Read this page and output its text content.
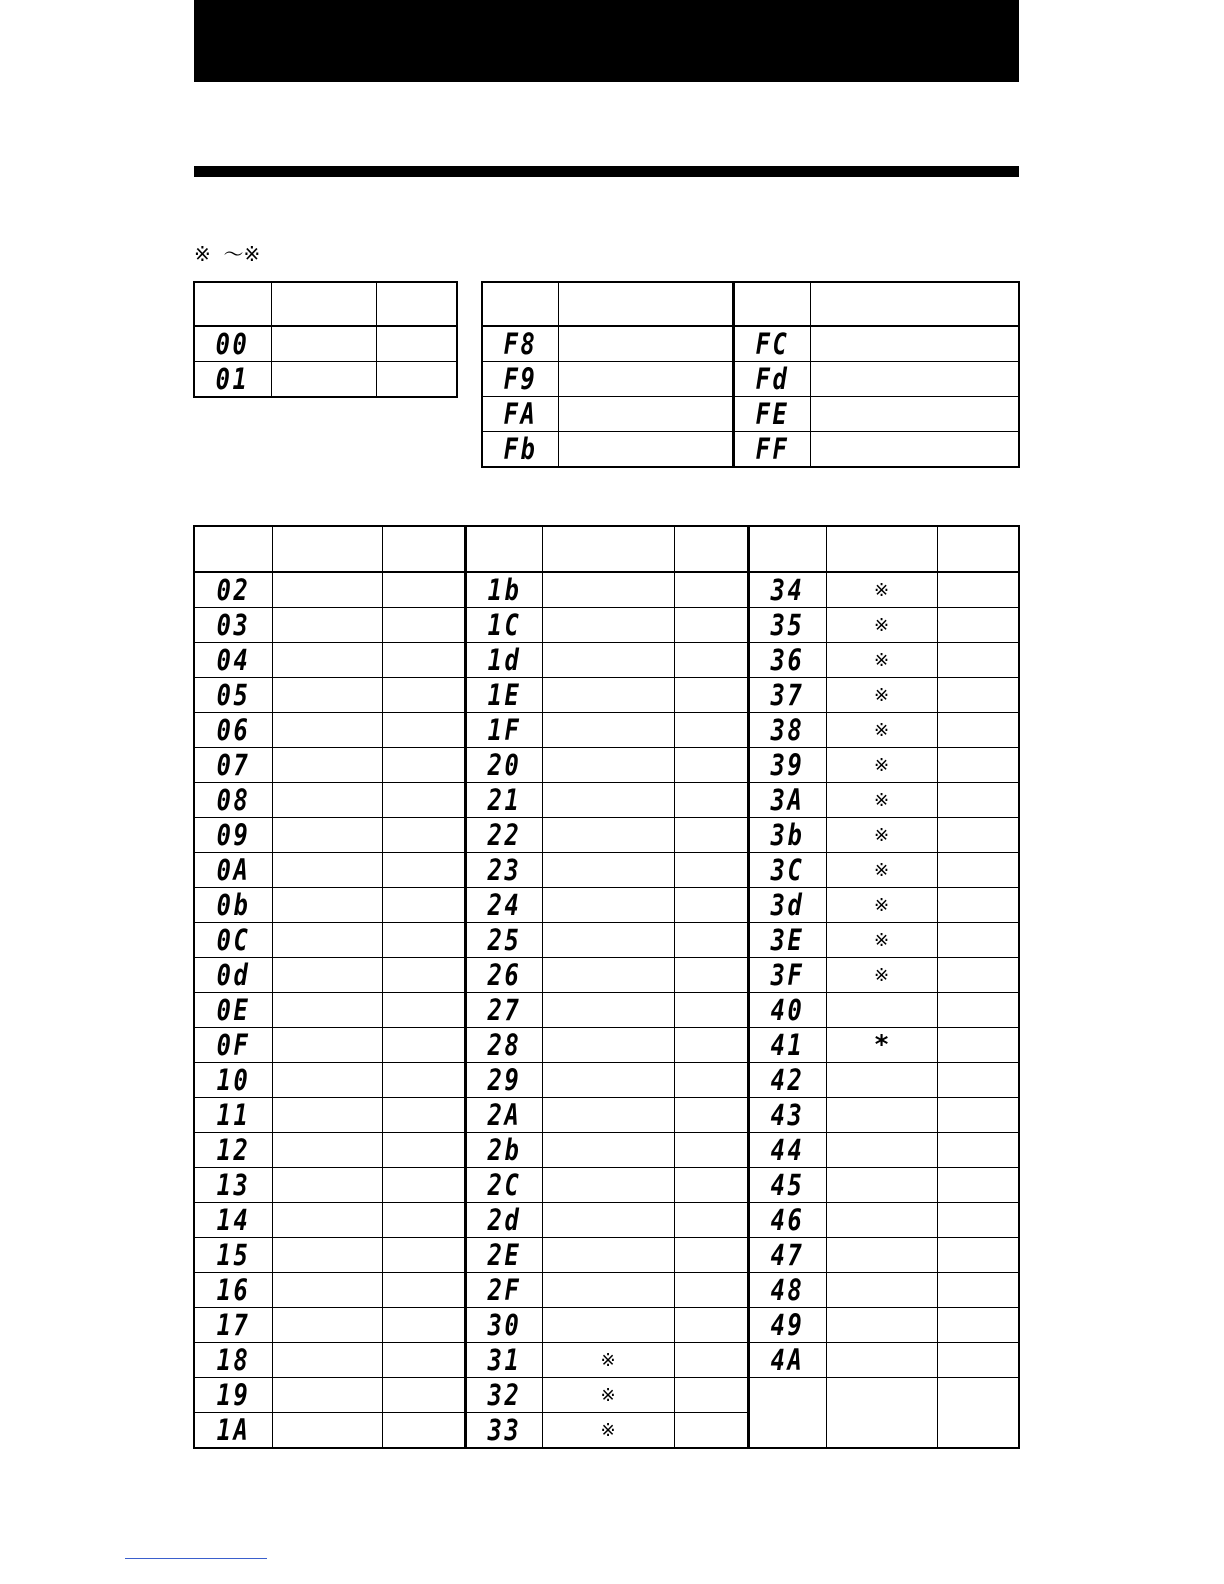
※  ～※

00		
01		

F8		FC	
F9		Fd	
FA		FE	
Fb		FF	

02			1b			34	※	
03			1C			35	※	
04			1d			36	※	
05			1E			37	※	
06			1F			38	※	
07			20			39	※	
08			21			3A	※	
09			22			3b	※	
0A			23			3C	※	
0b			24			3d	※	
0C			25			3E	※	
0d			26			3F	※	
0E			27			40		
0F			28			41	*	
10			29			42		
11			2A			43		
12			2b			44		
13			2C			45		
14			2d			46		
15			2E			47		
16			2F			48		
17			30			49		
18			31	※		4A		
19			32	※				
1A			33	※				
